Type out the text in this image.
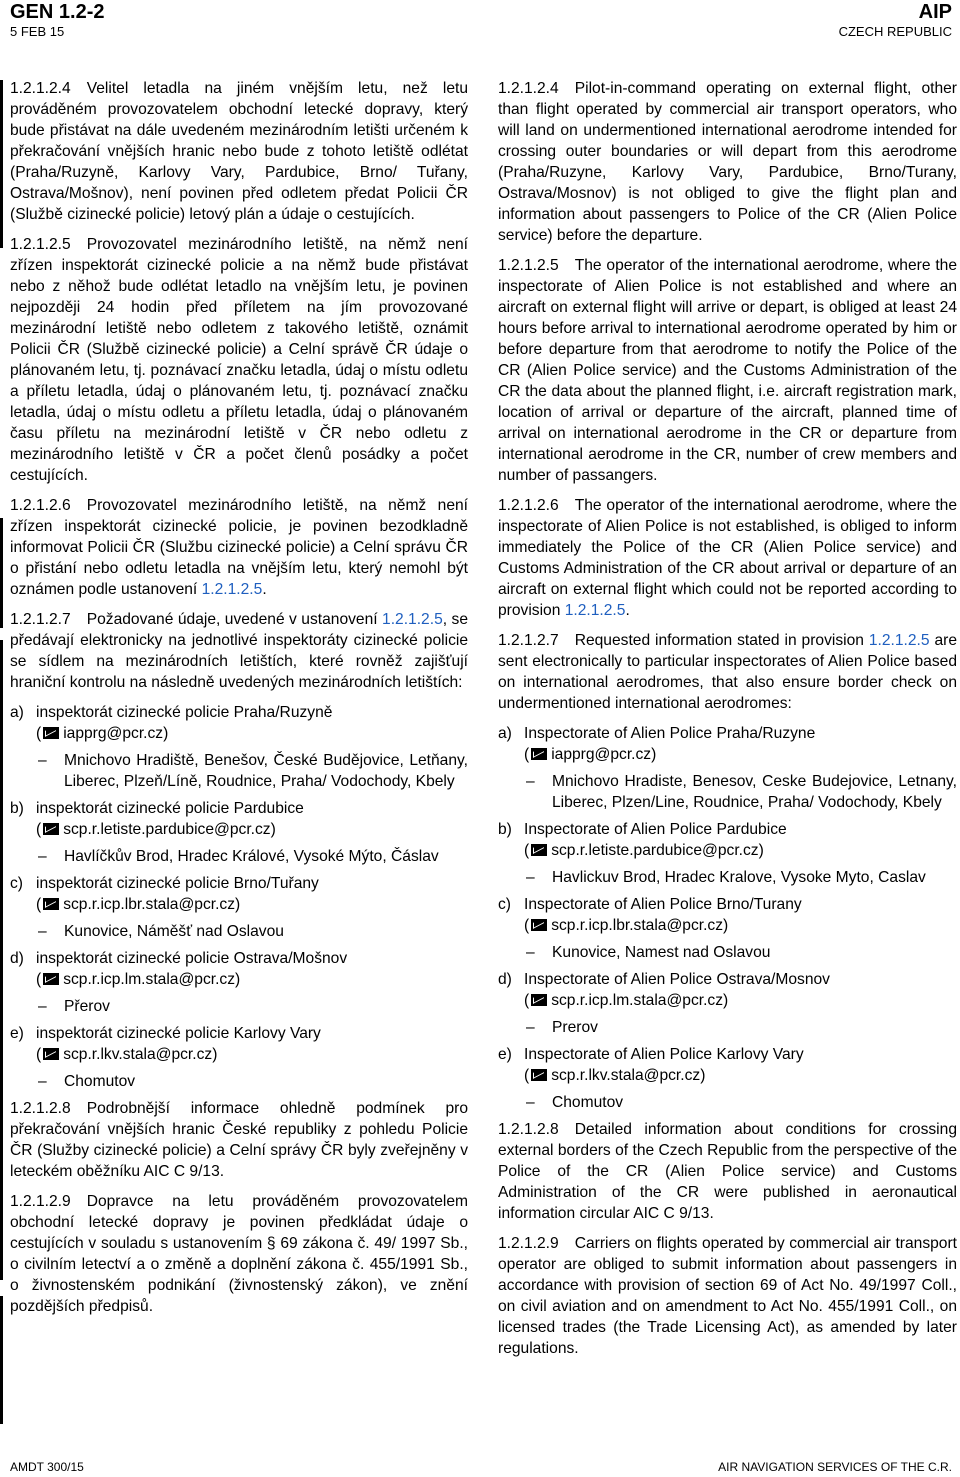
GEN 1.2-2
5 FEB 15
AIP
CZECH REPUBLIC
1.2.1.2.4 Velitel letadla na jiném vnějším letu, než letu prováděném provozovatelem obchodní letecké dopravy, který bude přistávat na dále uvedeném mezinárodním letišti určeném k překračování vnějších hranic nebo bude z tohoto letiště odlétat (Praha/Ruzyně, Karlovy Vary, Pardubice, Brno/ Tuřany, Ostrava/Mošnov), není povinen před odletem předat Policii ČR (Službě cizinecké policie) letový plán a údaje o cestujících.
1.2.1.2.5 Provozovatel mezinárodního letiště, na němž není zřízen inspektorát cizinecké policie a na němž bude přistávat nebo z něhož bude odlétat letadlo na vnějším letu, je povinen nejpozději 24 hodin před příletem na jím provozované mezinárodní letiště nebo odletem z takového letiště, oznámit Policii ČR (Službě cizinecké policie) a Celní správě ČR údaje o plánovaném letu, tj. poznávací značku letadla, údaj o místu odletu a příletu letadla, údaj o plánovaném letu, tj. poznávací značku letadla, údaj o místu odletu a příletu letadla, údaj o plánovaném času příletu na mezinárodní letiště v ČR nebo odletu z mezinárodního letiště v ČR a počet členů posádky a počet cestujících.
1.2.1.2.6 Provozovatel mezinárodního letiště, na němž není zřízen inspektorát cizinecké policie, je povinen bezodkladně informovat Policii ČR (Službu cizinecké policie) a Celní správu ČR o přistání nebo odletu letadla na vnějším letu, který nemohl být oznámen podle ustanovení 1.2.1.2.5.
1.2.1.2.7 Požadované údaje, uvedené v ustanovení 1.2.1.2.5, se předávají elektronicky na jednotlivé inspektoráty cizinecké policie se sídlem na mezinárodních letištích, které rovněž zajišťují hraniční kontrolu na následně uvedených mezinárodních letištích:
a) inspektorát cizinecké policie Praha/Ruzyně
( iapprg@pcr.cz)
– Mnichovo Hradiště, Benešov, České Budějovice, Letňany, Liberec, Plzeň/Líně, Roudnice, Praha/ Vodochody, Kbely
b) inspektorát cizinecké policie Pardubice
( scp.r.letiste.pardubice@pcr.cz)
– Havlíčkův Brod, Hradec Králové, Vysoké Mýto, Čáslav
c) inspektorát cizinecké policie Brno/Tuřany
( scp.r.icp.lbr.stala@pcr.cz)
– Kunovice, Náměšť nad Oslavou
d) inspektorát cizinecké policie Ostrava/Mošnov
( scp.r.icp.lm.stala@pcr.cz)
– Přerov
e) inspektorát cizinecké policie Karlovy Vary
( scp.r.lkv.stala@pcr.cz)
– Chomutov
1.2.1.2.8 Podrobnější informace ohledně podmínek pro překračování vnějších hranic České republiky z pohledu Policie ČR (Služby cizinecké policie) a Celní správy ČR byly zveřejněny v leteckém oběžníku AIC C 9/13.
1.2.1.2.9 Dopravce na letu prováděném provozovatelem obchodní letecké dopravy je povinen předkládat údaje o cestujících v souladu s ustanovením § 69 zákona č. 49/ 1997 Sb., o civilním letectví a o změně a doplnění zákona č. 455/1991 Sb., o živnostenském podnikání (živnostenský zákon), ve znění pozdějších předpisů.
1.2.1.2.4 Pilot-in-command operating on external flight, other than flight operated by commercial air transport operators, who will land on undermentioned international aerodrome intended for crossing outer boundaries or will depart from this aerodrome (Praha/Ruzyne, Karlovy Vary, Pardubice, Brno/Turany, Ostrava/Mosnov) is not obliged to give the flight plan and information about passengers to Police of the CR (Alien Police service) before the departure.
1.2.1.2.5 The operator of the international aerodrome, where the inspectorate of Alien Police is not established and where an aircraft on external flight will arrive or depart, is obliged at least 24 hours before arrival to international aerodrome operated by him or before departure from that aerodrome to notify the Police of the CR (Alien Police service) and the Customs Administration of the CR the data about the planned flight, i.e. aircraft registration mark, location of arrival or departure of the aircraft, planned time of arrival on international aerodrome in the CR or departure from international aerodrome in the CR, number of crew members and number of passangers.
1.2.1.2.6 The operator of the international aerodrome, where the inspectorate of Alien Police is not established, is obliged to inform immediately the Police of the CR (Alien Police service) and Customs Administration of the CR about arrival or departure of an aircraft on external flight which could not be reported according to provision 1.2.1.2.5.
1.2.1.2.7 Requested information stated in provision 1.2.1.2.5 are sent electronically to particular inspectorates of Alien Police based on international aerodromes, that also ensure border check on undermentioned international aerodromes:
a) Inspectorate of Alien Police Praha/Ruzyne
( iapprg@pcr.cz)
– Mnichovo Hradiste, Benesov, Ceske Budejovice, Letnany, Liberec, Plzen/Line, Roudnice, Praha/ Vodochody, Kbely
b) Inspectorate of Alien Police Pardubice
( scp.r.letiste.pardubice@pcr.cz)
– Havlickuv Brod, Hradec Kralove, Vysoke Myto, Caslav
c) Inspectorate of Alien Police Brno/Turany
( scp.r.icp.lbr.stala@pcr.cz)
– Kunovice, Namest nad Oslavou
d) Inspectorate of Alien Police Ostrava/Mosnov
( scp.r.icp.lm.stala@pcr.cz)
– Prerov
e) Inspectorate of Alien Police Karlovy Vary
( scp.r.lkv.stala@pcr.cz)
– Chomutov
1.2.1.2.8 Detailed information about conditions for crossing external borders of the Czech Republic from the perspective of the Police of the CR (Alien Police service) and Customs Administration of the CR were published in aeronautical information circular AIC C 9/13.
1.2.1.2.9 Carriers on flights operated by commercial air transport operator are obliged to submit information about passengers in accordance with provision of section 69 of Act No. 49/1997 Coll., on civil aviation and on amendment to Act No. 455/1991 Coll., on licensed trades (the Trade Licensing Act), as amended by later regulations.
AMDT 300/15	AIR NAVIGATION SERVICES OF THE C.R.
